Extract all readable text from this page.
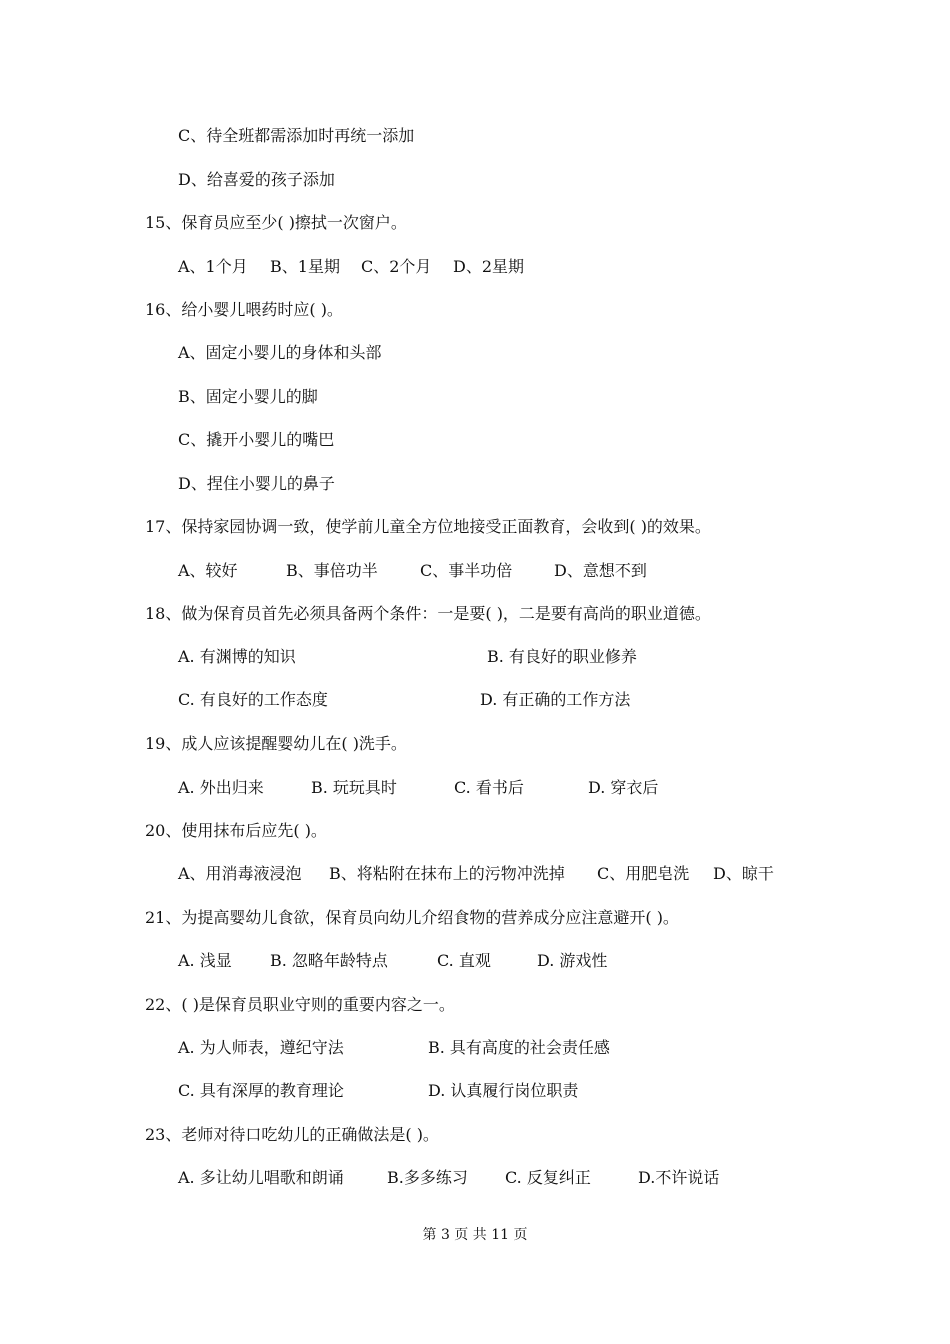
C、待全班都需添加时再统一添加
D、给喜爱的孩子添加
15、保育员应至少( )擦拭一次窗户。
A、1个月 B、1星期 C、2个月 D、2星期
16、给小婴儿喂药时应( )。
A、固定小婴儿的身体和头部
B、固定小婴儿的脚
C、撬开小婴儿的嘴巴
D、捏住小婴儿的鼻子
17、保持家园协调一致，使学前儿童全方位地接受正面教育，会收到( )的效果。
A、较好	B、事倍功半	C、事半功倍	D、意想不到
18、做为保育员首先必须具备两个条件：一是要( )，二是要有高尚的职业道德。
A. 有渊博的知识	B. 有良好的职业修养
C. 有良好的工作态度	D. 有正确的工作方法
19、成人应该提醒婴幼儿在( )洗手。
A. 外出归来	B. 玩玩具时	C. 看书后	D. 穿衣后
20、使用抹布后应先( )。
A、用消毒液浸泡 B、将粘附在抹布上的污物冲洗掉 C、用肥皂洗 D、晾干
21、为提高婴幼儿食欲，保育员向幼儿介绍食物的营养成分应注意避开( )。
A. 浅显 B. 忽略年龄特点	C. 直观	D. 游戏性
22、( )是保育员职业守则的重要内容之一。
A. 为人师表，遵纪守法	B. 具有高度的社会责任感
C. 具有深厚的教育理论	D. 认真履行岗位职责
23、老师对待口吃幼儿的正确做法是( )。
A. 多让幼儿唱歌和朗诵	B.多多练习 C. 反复纠正	D.不许说话
第 3 页 共 11 页
